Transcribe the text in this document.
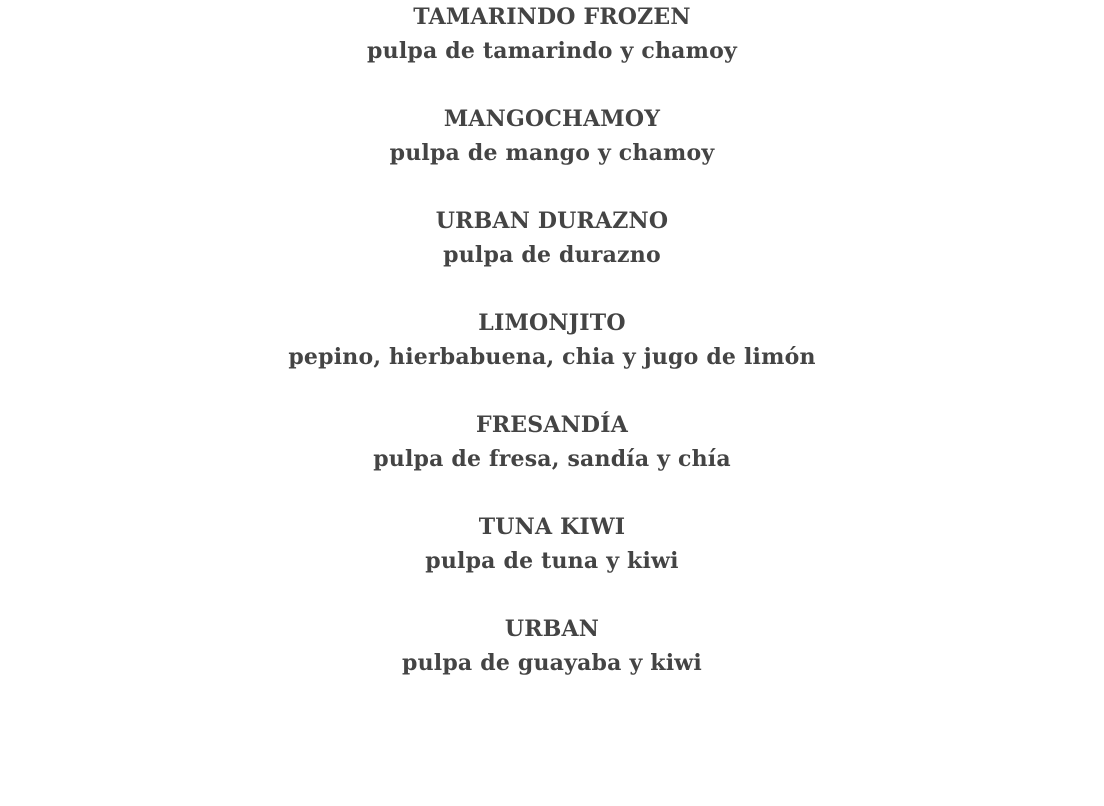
TAMARINDO FROZEN
pulpa de tamarindo y chamoy
MANGOCHAMOY
pulpa de mango y chamoy
URBAN DURAZNO
pulpa de durazno
LIMONJITO
pepino, hierbabuena, chia y jugo de limón
FRESANDÍA
pulpa de fresa, sandía y chía
TUNA KIWI
pulpa de tuna y kiwi
URBAN
pulpa de guayaba y kiwi
